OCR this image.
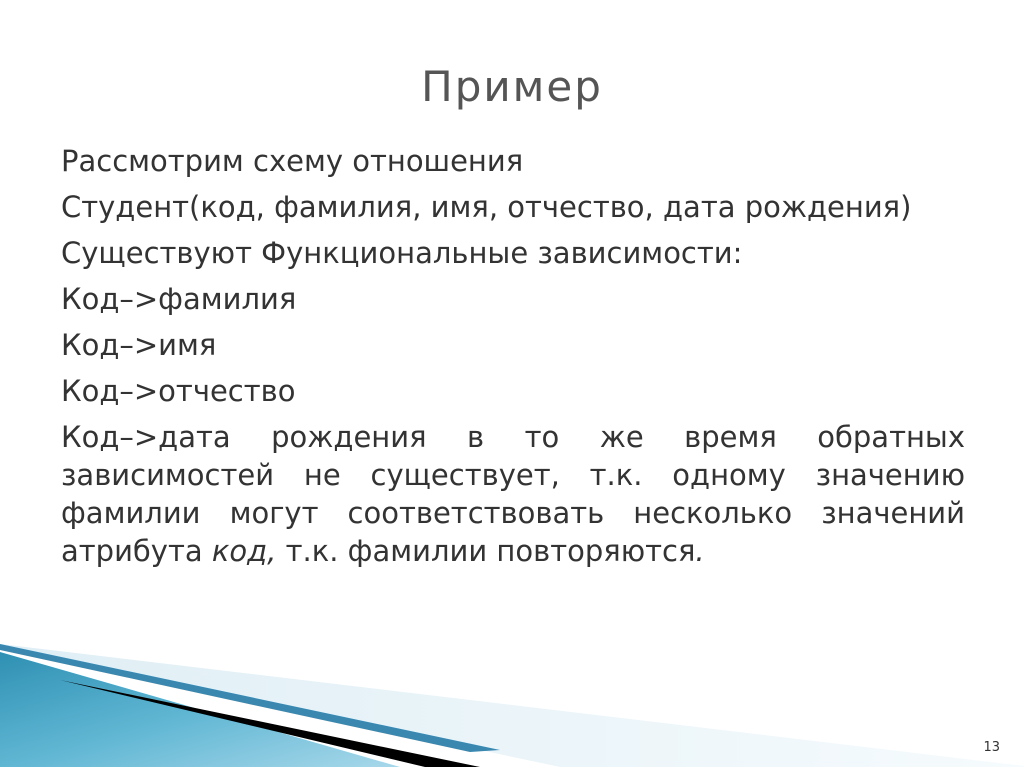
Пример

Рассмотрим схему отношения

Студент(код, фамилия, имя, отчество, дата рождения)

Существуют Функциональные зависимости:

Код–>фамилия

Код–>имя

Код–>отчество

Код–>дата рождения в то же время обратных зависимостей не существует, т.к. одному значению фамилии могут соответствовать несколько значений атрибута код, т.к. фамилии повторяются.

13
